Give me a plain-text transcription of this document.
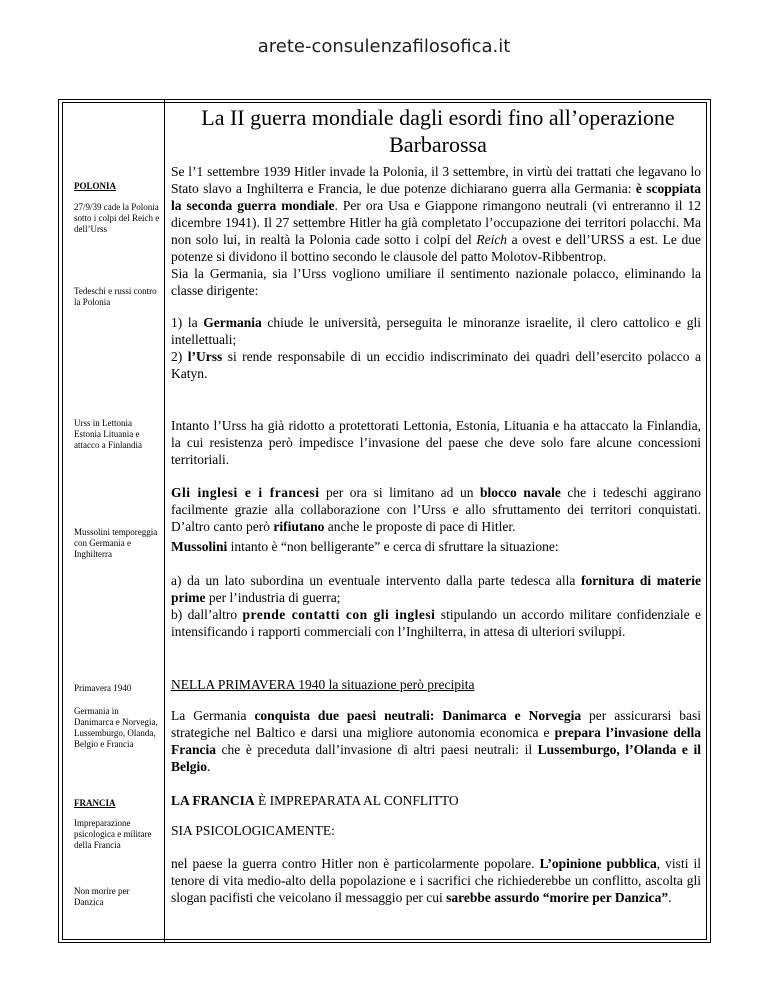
arete-consulenzafilosofica.it
POLONIA
27/9/39 cade la Polonia sotto i colpi del Reich e dell’Urss
Tedeschi e russi contro la Polonia
Urss in Lettonia Estonia Lituania e attacco a Finlandia
Mussolini temporeggia con Germania e Inghilterra
Primavera 1940
Germania in Danimarca e Norvegia, Lussemburgo, Olanda, Belgio e Francia
FRANCIA
Impreparazione psicologica e militare della Francia
Non morire per Danzica
La II guerra mondiale dagli esordi fino all’operazione Barbarossa

Se l’1 settembre 1939 Hitler invade la Polonia, il 3 settembre, in virtù dei trattati che legavano lo Stato slavo a Inghilterra e Francia, le due potenze dichiarano guerra alla Germania: è scoppiata la seconda guerra mondiale. Per ora Usa e Giappone rimangono neutrali (vi entreranno il 12 dicembre 1941). Il 27 settembre Hitler ha già completato l’occupazione dei territori polacchi. Ma non solo lui, in realtà la Polonia cade sotto i colpi del Reich a ovest e dell’URSS a est. Le due potenze si dividono il bottino secondo le clausole del patto Molotov-Ribbentrop.
Sia la Germania, sia l’Urss vogliono umiliare il sentimento nazionale polacco, eliminando la classe dirigente:

1) la Germania chiude le università, perseguita le minoranze israelite, il clero cattolico e gli intellettuali;
2) l’Urss si rende responsabile di un eccidio indiscriminato dei quadri dell’esercito polacco a Katyn.

Intanto l’Urss ha già ridotto a protettorati Lettonia, Estonia, Lituania e ha attaccato la Finlandia, la cui resistenza però impedisce l’invasione del paese che deve solo fare alcune concessioni territoriali.

Gli inglesi e i francesi per ora si limitano ad un blocco navale che i tedeschi aggirano facilmente grazie alla collaborazione con l’Urss e allo sfruttamento dei territori conquistati. D’altro canto però rifiutano anche le proposte di pace di Hitler.

Mussolini intanto è “non belligerante” e cerca di sfruttare la situazione:

a) da un lato subordina un eventuale intervento dalla parte tedesca alla fornitura di materie prime per l’industria di guerra;
b) dall’altro prende contatti con gli inglesi stipulando un accordo militare confidenziale e intensificando i rapporti commerciali con l’Inghilterra, in attesa di ulteriori sviluppi.

NELLA PRIMAVERA 1940 la situazione però precipita

La Germania conquista due paesi neutrali: Danimarca e Norvegia per assicurarsi basi strategiche nel Baltico e darsi una migliore autonomia economica e prepara l’invasione della Francia che è preceduta dall’invasione di altri paesi neutrali: il Lussemburgo, l’Olanda e il Belgio.

LA FRANCIA È IMPREPARATA AL CONFLITTO

SIA PSICOLOGICAMENTE:

nel paese la guerra contro Hitler non è particolarmente popolare. L’opinione pubblica, visti il tenore di vita medio-alto della popolazione e i sacrifici che richiederebbe un conflitto, ascolta gli slogan pacifisti che veicolano il messaggio per cui sarebbe assurdo “morire per Danzica”.
